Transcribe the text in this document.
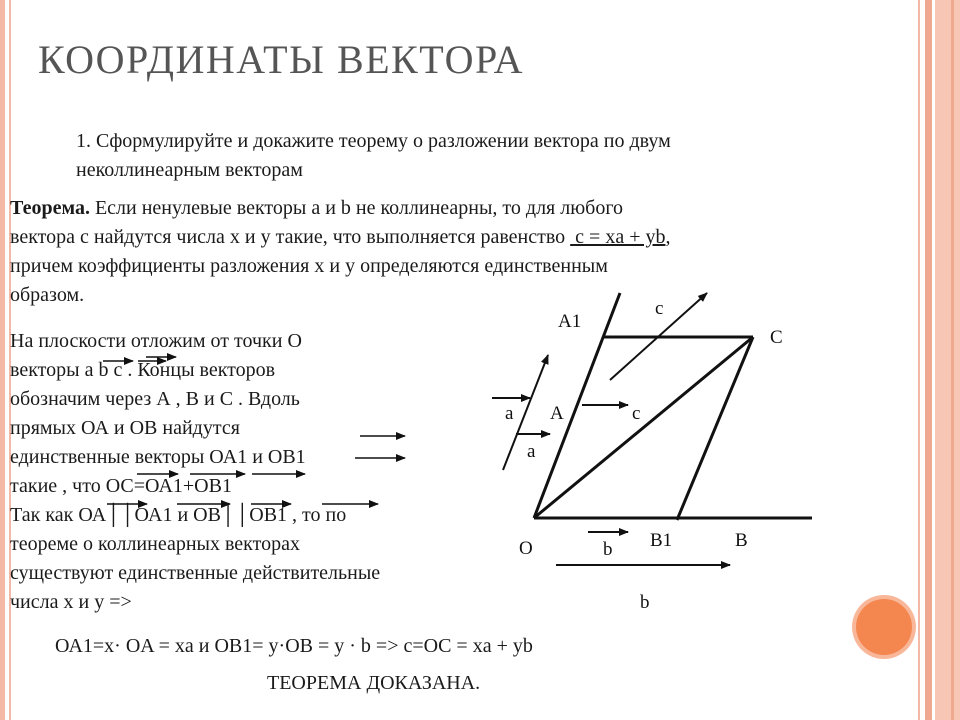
КООРДИНАТЫ ВЕКТОРА
1. Сформулируйте и докажите теорему о разложении вектора по двум
неколлинеарным векторам
Теорема. Если ненулевые векторы a и b не коллинеарны, то для любого
вектора с найдутся числа x и y такие, что выполняется равенство  c = xa + yb,
причем коэффициенты разложения x и y определяются единственным
образом.
На плоскости отложим от точки О
векторы a b c . Концы векторов
обозначим через А , В и С . Вдоль
прямых ОА и ОВ найдутся
единственные векторы ОА1 и ОВ1
такие , что ОС=ОА1+ОВ1
Так как ОА││ОА1 и ОВ││ОВ1 , то по
теореме о коллинеарных векторах
существуют единственные действительные
числа x и y =>
ОА1=x· OA = xa и ОВ1= y·OB = y · b => c=OC = xa + yb
ТЕОРЕМА ДОКАЗАНА.
A1
C
c
a A	c
a
O	b B1	B
b
